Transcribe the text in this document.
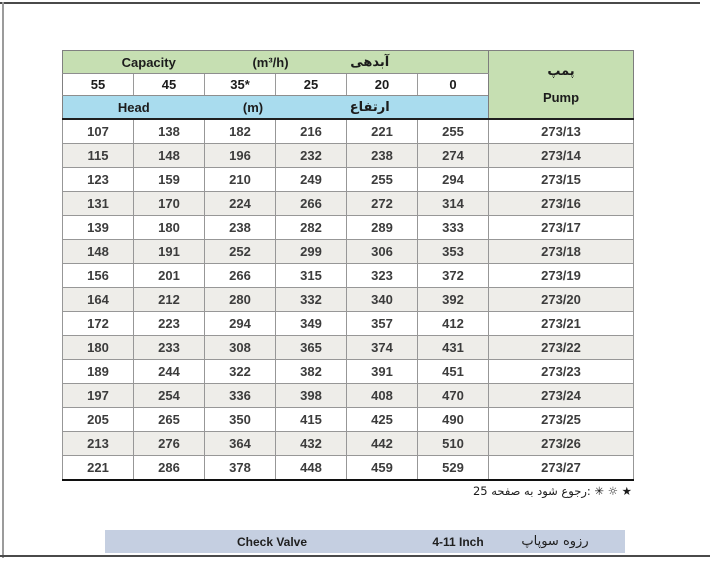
Capacity		(m³/h)		آبدهی		پمپ
Pump

55	45	35*	25	20	0	
Head		(m)		ارتفاع		
107	138	182	216	221	255	273/13
115	148	196	232	238	274	273/14
123	159	210	249	255	294	273/15
131	170	224	266	272	314	273/16
139	180	238	282	289	333	273/17
148	191	252	299	306	353	273/18
156	201	266	315	323	372	273/19
164	212	280	332	340	392	273/20
172	223	294	349	357	412	273/21
180	233	308	365	374	431	273/22
189	244	322	382	391	451	273/23
197	254	336	398	408	470	273/24
205	265	350	415	425	490	273/25
213	276	364	432	442	510	273/26
221	286	378	448	459	529	273/27
★ ☼ ✳ :رجوع شود به صفحه 25
Check Valve	4-11 Inch	رزوه سوپاپ
